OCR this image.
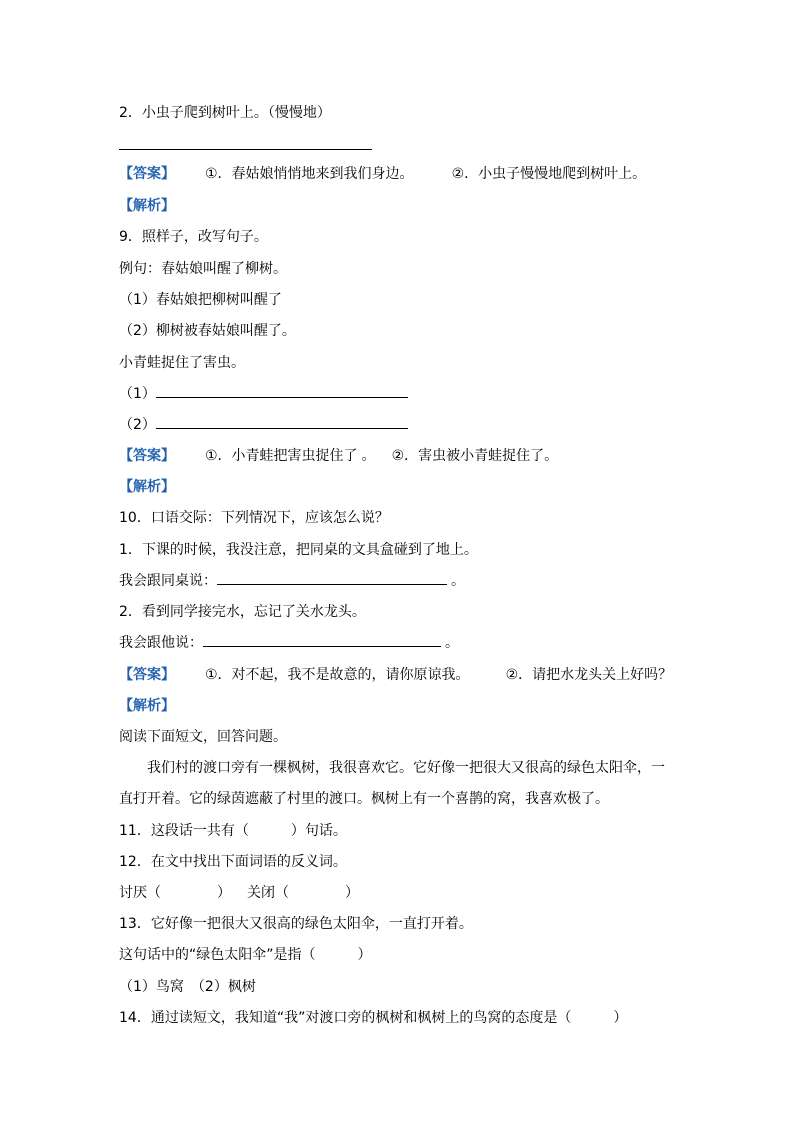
2．小虫子爬到树叶上。（慢慢地）
【答案】 ①．春姑娘悄悄地来到我们身边。	②．小虫子慢慢地爬到树叶上。
【解析】
9．照样子，改写句子。
例句：春姑娘叫醒了柳树。
（1）春姑娘把柳树叫醒了
（2）柳树被春姑娘叫醒了。
小青蛙捉住了害虫。
（1）
（2）
【答案】 ①．小青蛙把害虫捉住了 。 ②．害虫被小青蛙捉住了。
【解析】
10．口语交际：下列情况下，应该怎么说？
1．下课的时候，我没注意，把同桌的文具盒碰到了地上。
我会跟同桌说：	。
2．看到同学接完水，忘记了关水龙头。
我会跟他说：	。
【答案】 ①．对不起，我不是故意的，请你原谅我。	②．请把水龙头关上好吗？
【解析】
阅读下面短文，回答问题。
我们村的渡口旁有一棵枫树，我很喜欢它。它好像一把很大又很高的绿色太阳伞，一
直打开着。它的绿茵遮蔽了村里的渡口。枫树上有一个喜鹊的窝，我喜欢极了。
11．这段话一共有（　　　）句话。
12．在文中找出下面词语的反义词。
讨厌（　　　　） 关闭（　　　　）
13．它好像一把很大又很高的绿色太阳伞，一直打开着。
这句话中的“绿色太阳伞”是指（　　　）
（1）鸟窝　（2）枫树
14．通过读短文，我知道“我”对渡口旁的枫树和枫树上的鸟窝的态度是（　　　）
